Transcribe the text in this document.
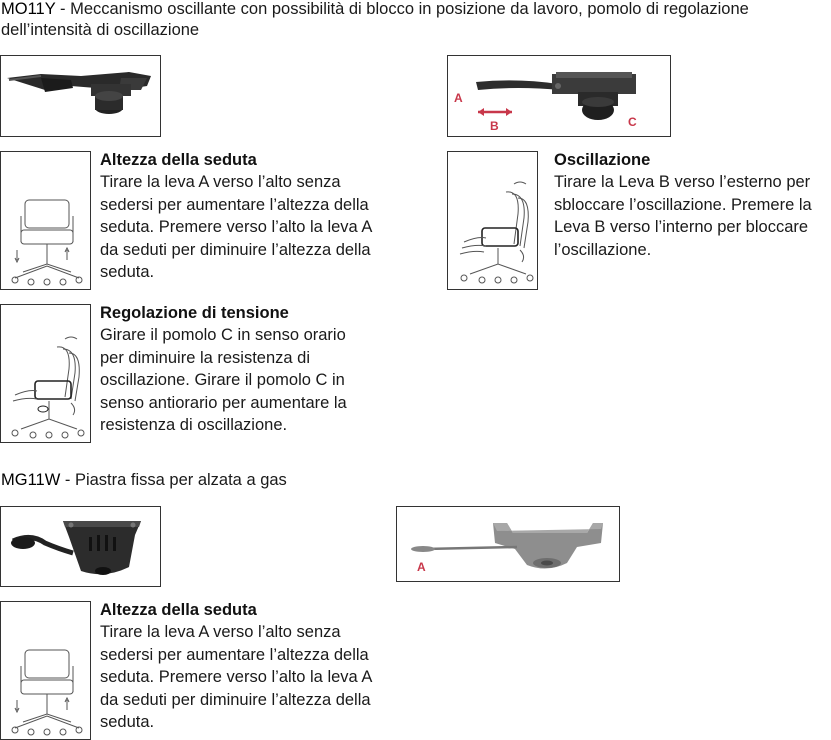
MO11Y - Meccanismo oscillante con possibilità di blocco in posizione da lavoro, pomolo di regolazione dell’intensità di oscillazione
A
B	C
Altezza della seduta
Tirare la leva A verso l’alto senza
sedersi per aumentare l’altezza della
seduta. Premere verso l’alto la leva A
da seduti per diminuire l’altezza della
seduta.
Oscillazione
Tirare la Leva B verso l’esterno per
sbloccare l’oscillazione. Premere la
Leva B verso l’interno per bloccare
l’oscillazione.
Regolazione di tensione
Girare il pomolo C in senso orario
per diminuire la resistenza di
oscillazione. Girare il pomolo C in
senso antiorario per aumentare la
resistenza di oscillazione.
MG11W - Piastra fissa per alzata a gas
A
Altezza della seduta
Tirare la leva A verso l’alto senza
sedersi per aumentare l’altezza della
seduta. Premere verso l’alto la leva A
da seduti per diminuire l’altezza della
seduta.
